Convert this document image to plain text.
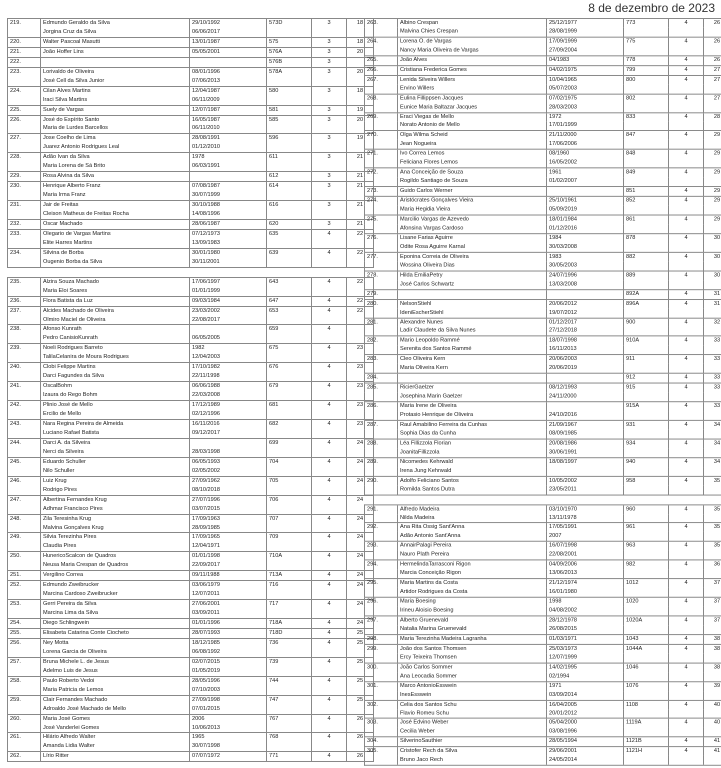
8 de dezembro de 2023
219.	Edmundo Geraldo da Silva	29/10/1992	573D	3	18
	Jorgina Cruz da Silva	06/06/2017			
220.	Walter Pascoal Masutti	13/01/1987	575	3	18
221.	João Hoffer Lins	05/05/2001	576A	3	20
222.			576B	3	
223.	Lorivaldo de Oliveira	08/01/1996	578A	3	20
	José Cell da Silva Junior	07/06/2013			
224.	Cilan Alves Martins	12/04/1987	580	3	18
	Iraci Silva Martins	06/11/2009			
225.	Suely de Vargas	12/07/1987	581	3	19
226.	José do Espírito Santo	16/05/1987	585	3	20
	Maria de Lurdes Barcellos	06/11/2010			
227.	Jose Coelho de Lima	28/08/1991	596	3	19
	Juarez Antonio Rodrigues Leal	01/12/2010			
228.	Adão Ivan da Silva	1978	611	3	21
	Maria Lorena de Sá Brito	06/03/1991			
229.	Rosa Alvina da Silva		612	3	21
230.	Henrique Alberto Franz	07/08/1987	614	3	21
	Maria Irma Franz	30/07/1999			
231.	Jair de Freitas	30/10/1988	616	3	21
	Cleison Matheus de Freitas Rocha	14/08/1996			
232.	Oscar Machado	28/06/1987	620	3	21
233.	Olegario de Vargas Martins	07/12/1973	635	4	22
	Elite Harres Martins	13/09/1983			
234.	Silvina de Borba	30/01/1980	639	4	22
	Ougenio Borba da Silva	30/11/2001			

235.	Alzira Souza Machado	17/06/1997	643	4	22
	Maria Eloi Soares	01/01/1999			
236.	Flora Batista da Luz	09/03/1984	647	4	22
237.	Alcides Machado de Oliveira	23/03/2002	653	4	22
	Olmiro Maciel de Oliveira	22/08/2017			
238.	Afonso Kunrath		659	4	
	Pedro CanisioKunrath	06/05/2005			
239.	Noeli Rodrigues Barreto	1982	675	4	23
	TalilaCelanira de Moura Rodrigues	12/04/2003			
240.	Clobi Felippe Martins	17/10/1982	676	4	23
	Darci Fagundes da Silva	22/11/1998			
241.	OscalBohm	06/06/1988	679	4	23
	Izaura do Rego Bohm	22/03/2008			
242.	Plinio José de Mello	17/12/1989	681	4	23
	Ercilio de Mello	02/12/1996			
243.	Nara Regina Pereira de Almeida	16/11/2016	682	4	23
	Luciano Rafael Batista	09/12/2017			
244.	Darci A. da Silveira		699	4	24
	Nerci da Silveira	28/03/1998			
245.	Eduardo Schuller	06/05/1993	704	4	24
	Nilo Schuller	02/05/2002			
246.	Luiz Krug	27/09/1962	705	4	24
	Rodrigo Pires	08/10/2018			
247.	Albertina Fernandes Krug	27/07/1996	706	4	24
	Adhmar Francisco Pires	03/07/2015			
248.	Zila Teresinha Krug	17/09/1963	707	4	24
	Malvina Gonçalves Krug	28/09/1985			
249.	Silvia Terezinha Pires	17/09/1965	709	4	24
	Claudia Pires	12/04/1971			
250.	HunericoScalcon de Quadros	01/01/1998	710A	4	24
	Neusa Maria Crespan de Quadros	22/09/2017			
251.	Vergilino Correa	09/11/1988	713A	4	24
252.	Edmundo Zweibrucker	03/06/1979	716	4	24
	Marcina Cardoso Zweibrucker	12/07/2011			
253.	Gerri Pereira da Silva	27/06/2001	717	4	24
	Marcina Lima da Silva	03/09/2011			
254.	Diego Schlingwein	01/01/1996	718A	4	24
255.	Elisabeta Catarina Conte Ciocheto	28/07/1993	718D	4	25
256.	Ney Motta	18/12/1985	736	4	25
	Lorena Garcia de Oliveira	06/08/1992			
257.	Bruna Michele L. de Jesus	02/07/2015	739	4	25
	Adelmo Luis de Jesus	01/05/2019			
258.	Paulo Roberto Vedoi	28/05/1996	744	4	25
	Maria Patricia de Lemos	07/10/2003			
259.	Clair Fernandes Machado	27/09/1998	747	4	25
	Adroaldo José Machado de Mello	07/01/2015			
260.	Maria José Gomes	2006	767	4	26
	José Vanderlei Gomes	10/06/2013			
261.	Hilário Alfredo Walter	1965	768	4	26
	Amanda Lidia Walter	30/07/1998			
262.	Lírio Ritter	07/07/1972	771	4	26
263.	Albino Crespan	25/12/1977	773	4	26
	Malvina Chies Crespan	28/08/1999			
264.	Lorena O. de Vargas	17/09/1999	775	4	26
	Nancy Maria Oliveira de Vargas	27/09/2004			
265.	João Alves	04/1983	778	4	26
266.	Cristiana Frederica Gomes	04/02/1975	799	4	27
267.	Lenida Silveira Willers	10/04/1965	800	4	27
	Ervino Willers	05/07/2003			
268.	Eulina Fillippsen Jacques	07/02/1975	802	4	27
	Eunice Maria Baltazar Jacques	28/03/2003			
269.	Eraci Viegas de Mello	1972	833	4	28
	Norato Antonio de Mello	17/01/1999			
270.	Olga Wilma Scheid	21/11/2000	847	4	29
	Jean Nogueira	17/06/2006			
271.	Ivo Correa Lemos	08/1960	848	4	29
	Feliciana Flores Lemos	16/05/2002			
272.	Ana Conceição de Souza	1961	849	4	29
	Rogildo Santiago de Souza	01/02/2007			
273.	Guido Carlos Werner		851	4	29
274.	Aristócrates Gonçalves Vieira	25/10/1961	852	4	29
	Maria Hegidia Vieira	05/09/2019			
275.	Marcilio Vargas de Azevedo	18/01/1984	861	4	29
	Afonsina Vargas Cardoso	01/12/2016			
276.	Lisane Farias Aguirre	1984	878	4	30
	Odite Rosa Aguirre Karnal	30/03/2008			
277.	Eponina Correia de Oliveira	1983	882	4	30
	Wossina Oliveira Dias	30/05/2003			
278.	Hilda EmiliaPetry	24/07/1996	889	4	30
	José Carlos Schwartz	13/03/2008			
279.			892A	4	31
280.	NelsonStiehl	20/06/2012	896A	4	31
	IdeniEscherStiehl	19/07/2012			
281.	Alexandre Nunes	01/12/2017	900	4	32
	Ladir Claudete da Silva Nunes	27/12/2018			
282.	Mario Leopoldo Rammé	18/07/1998	910A	4	33
	Serenita dos Santos Rammé	16/11/2013			
283.	Cleo Oliveira Kern	20/06/2003	911	4	33
	Maria Oliveira Kern	20/06/2019			
284.			912	4	33
285.	RicierGaelzer	08/12/1993	915	4	33
	Josephina Marin Gaelzer	24/11/2000			
286.	Maria Irene de Oliveira		915A	4	33
	Protasio Henrique de Oliveira	24/10/2016			
287.	Raul Amabilino Ferreira da Cunhas	21/09/1967	931	4	34
	Sophia Dias da Cunha	08/09/1985			
288.	Léa Fillizzola Florian	20/08/1986	934	4	34
	JoanitaFillizzola	30/06/1991			
289.	Nicomedes Kehrwald	18/08/1997	940	4	34
	Irena Jung Kehrwald				
290.	Adolfo Feliciano Santos	10/05/2002	958	4	35
	Romilda Santos Dutra	23/05/2011			

291.	Alfredo Madeira	03/10/1970	960	4	35
	Nilda Madeira	13/11/1978			
292.	Ana Rita Ossig Sant'Anna	17/05/1991	961	4	35
	Adão Antonio Sant'Anna	2007			
293.	AnnairPalagi Pereira	16/07/1998	963	4	35
	Nauro Plath Pereira	22/08/2001			
294.	HermelindaTarrasconi Rigon	04/09/2006	982	4	36
	Marcia Conceição Rigon	13/06/2013			
295.	Maria Martins da Costa	21/12/1974	1012	4	37
	Artidor Rodrigues da Costa	16/01/1980			
296.	Maria Boesing	1998	1020	4	37
	Irineu Aloisio Boesing	04/08/2002			
297.	Alberto Gruenevald	28/12/1978	1020A	4	37
	Natalia Marina Gruenevald	26/08/2015			
298.	Maria Terezinha Madeira Lagranha	01/03/1971	1043	4	38
299.	João dos Santos Thomsen	25/03/1973	1044A	4	38
	Ercy Teixeira Thomsen	12/07/1999			
300.	João Carlos Sommer	14/02/1995	1046	4	38
	Ana Leocadia Sommer	02/1994			
301.	Marco AntonioEsswein	1971	1076	4	39
	InesEsswein	03/09/2014			
302.	Celia dos Santos Schu	16/04/2005	1108	4	40
	Flavio Romeu Schu	20/01/2012			
303.	José Edvino Weber	05/04/2000	1119A	4	40
	Cecilia Weber	03/08/1996			
304.	SilverinoSauthier	28/05/1994	1121B	4	41
305.	Cristofer Rech da Silva	29/06/2001	1121H	4	41
	Bruno Jaco Rech	24/05/2014			
